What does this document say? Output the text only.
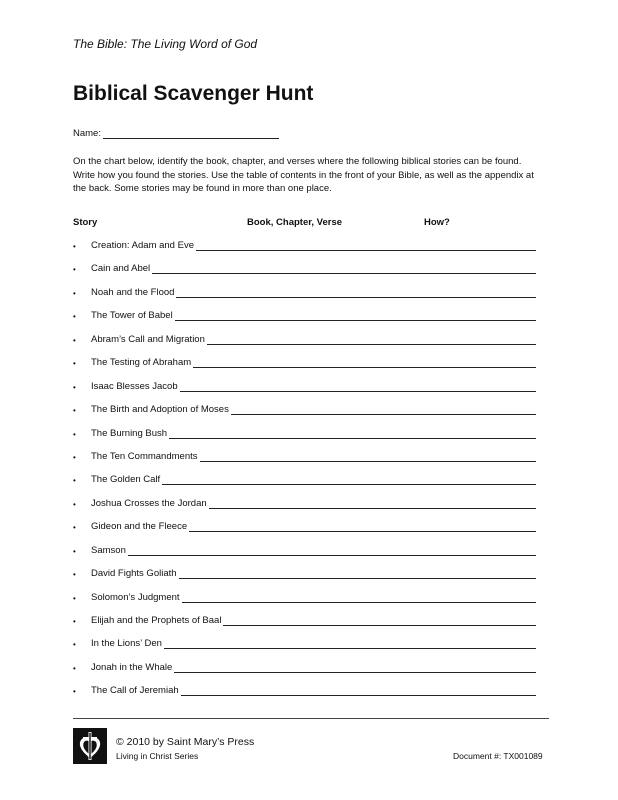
The Bible: The Living Word of God
Biblical Scavenger Hunt
Name:
On the chart below, identify the book, chapter, and verses where the following biblical stories can be found. Write how you found the stories. Use the table of contents in the front of your Bible, as well as the appendix at the back. Some stories may be found in more than one place.
Story	Book, Chapter, Verse	How?
•	Creation: Adam and Eve
•	Cain and Abel
•	Noah and the Flood
•	The Tower of Babel
•	Abram’s Call and Migration
•	The Testing of Abraham
•	Isaac Blesses Jacob
•	The Birth and Adoption of Moses
•	The Burning Bush
•	The Ten Commandments
•	The Golden Calf
•	Joshua Crosses the Jordan
•	Gideon and the Fleece
•	Samson
•	David Fights Goliath
•	Solomon’s Judgment
•	Elijah and the Prophets of Baal
•	In the Lions’ Den
•	Jonah in the Whale
•	The Call of Jeremiah
© 2010 by Saint Mary’s Press
Living in Christ Series	Document #: TX001089
